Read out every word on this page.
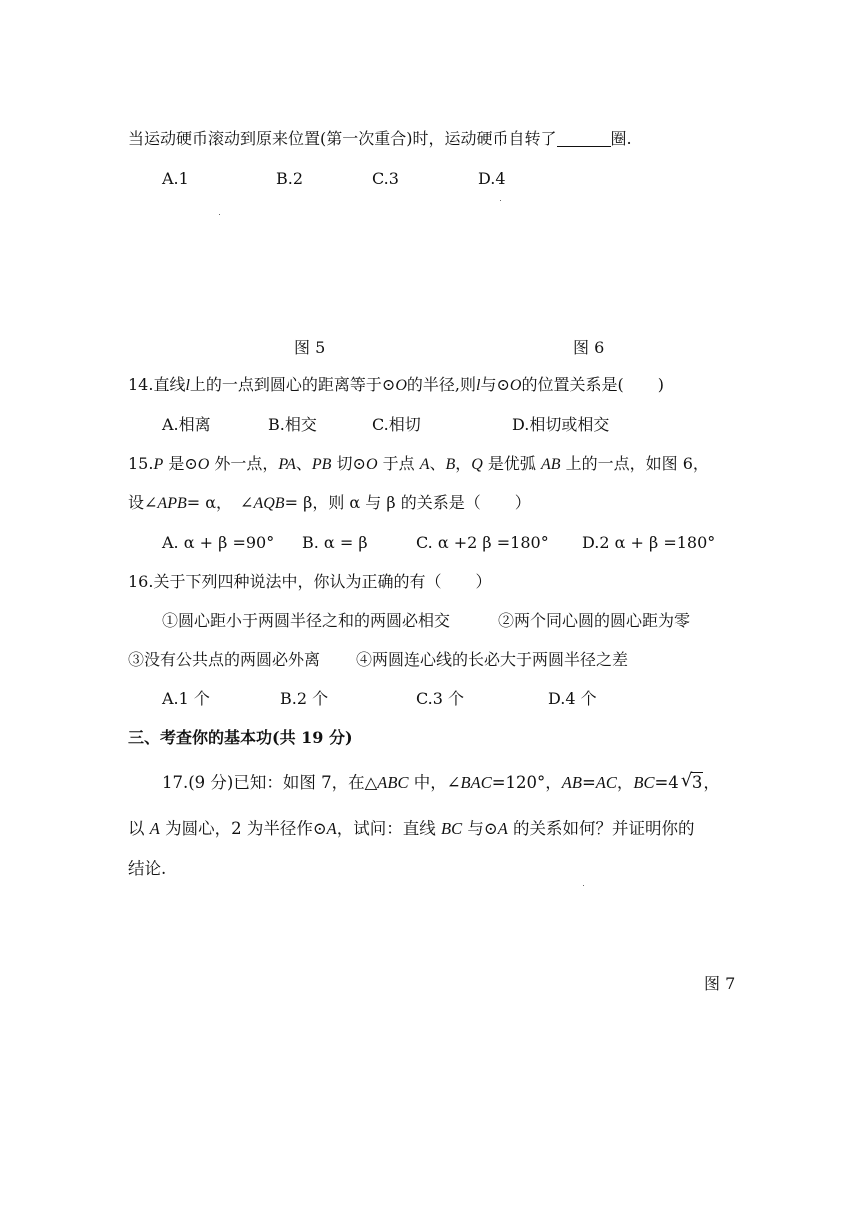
当运动硬币滚动到原来位置(第一次重合)时，运动硬币自转了	圈.
A.1	B.2	C.3	D.4
图 5	图 6
14.直线l上的一点到圆心的距离等于⊙O的半径,则l与⊙O的位置关系是( )
A.相离	B.相交	C.相切	D.相切或相交
15.P 是⊙O 外一点，PA、PB 切⊙O 于点 A、B，Q 是优弧 AB 上的一点，如图 6，
设∠APB= α，　∠AQB= β，则 α 与 β 的关系是（ ）
A. α + β =90° B. α = β	C. α +2 β =180° D.2 α + β =180°
16.关于下列四种说法中，你认为正确的有（ ）
①圆心距小于两圆半径之和的两圆必相交	②两个同心圆的圆心距为零
③没有公共点的两圆必外离 ④两圆连心线的长必大于两圆半径之差
A.1 个	B.2 个	C.3 个	D.4 个
三、考查你的基本功(共 19 分)
17.(9 分)已知：如图 7，在△ABC 中，∠BAC=120°，AB=AC，BC=4 √ 3，
以 A 为圆心，2 为半径作⊙A，试问：直线 BC 与⊙A 的关系如何？并证明你的
结论.
图 7
